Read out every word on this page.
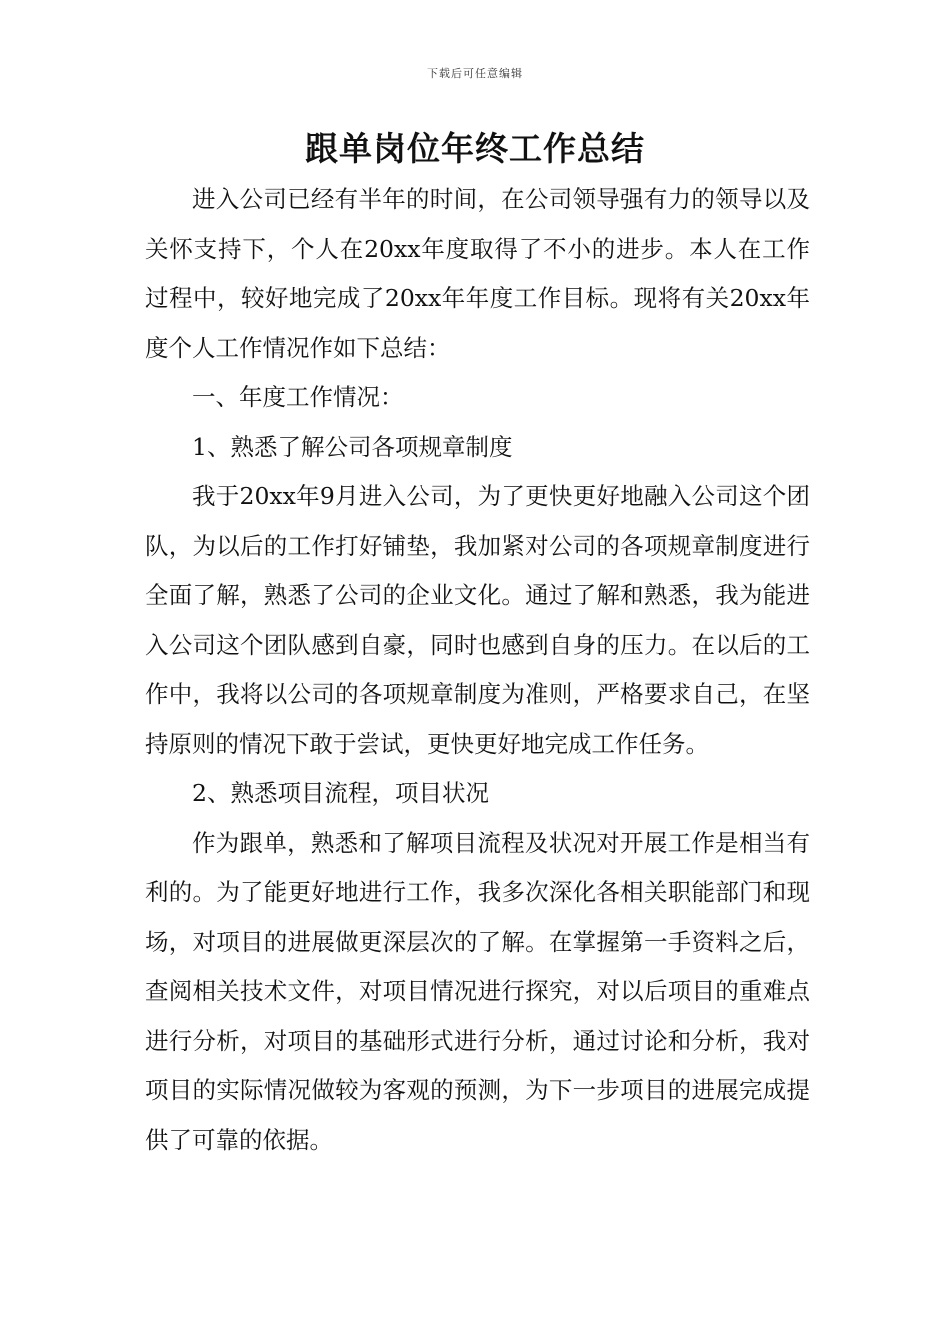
下载后可任意编辑
跟单岗位年终工作总结

进入公司已经有半年的时间，在公司领导强有力的领导以及关怀支持下，个人在20xx年度取得了不小的进步。本人在工作过程中，较好地完成了20xx年年度工作目标。现将有关20xx年度个人工作情况作如下总结：

一、年度工作情况：

1、熟悉了解公司各项规章制度

我于20xx年9月进入公司，为了更快更好地融入公司这个团队，为以后的工作打好铺垫，我加紧对公司的各项规章制度进行全面了解，熟悉了公司的企业文化。通过了解和熟悉，我为能进入公司这个团队感到自豪，同时也感到自身的压力。在以后的工作中，我将以公司的各项规章制度为准则，严格要求自己，在坚持原则的情况下敢于尝试，更快更好地完成工作任务。

2、熟悉项目流程，项目状况

作为跟单，熟悉和了解项目流程及状况对开展工作是相当有利的。为了能更好地进行工作，我多次深化各相关职能部门和现场，对项目的进展做更深层次的了解。在掌握第一手资料之后，查阅相关技术文件，对项目情况进行探究，对以后项目的重难点进行分析，对项目的基础形式进行分析，通过讨论和分析，我对项目的实际情况做较为客观的预测，为下一步项目的进展完成提供了可靠的依据。
